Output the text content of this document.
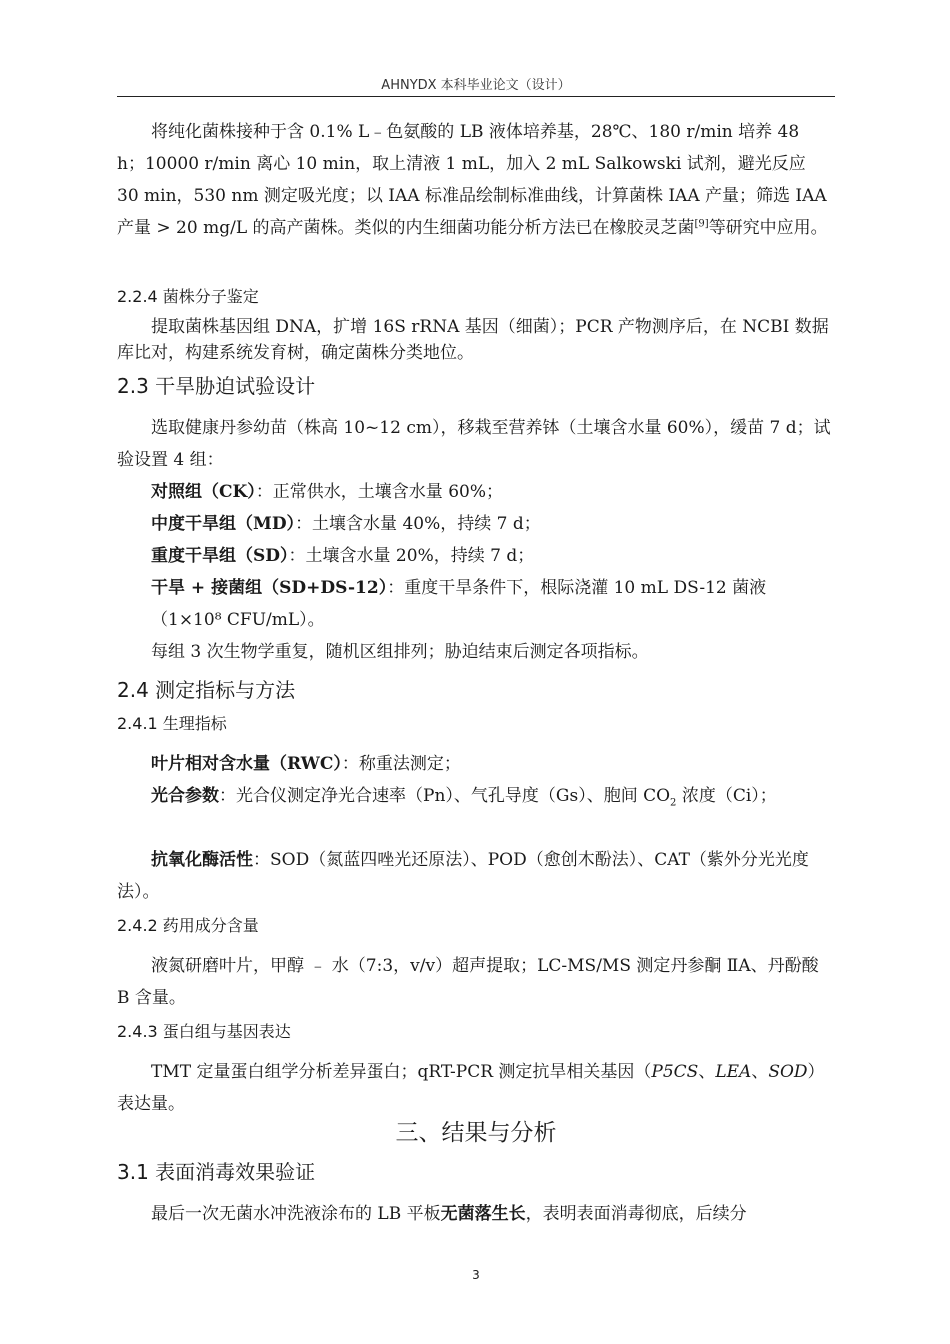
AHNYDX 本科毕业论文（设计）

将纯化菌株接种于含 0.1% L﹣色氨酸的 LB 液体培养基，28℃、180 r/min 培养 48 h；10000 r/min 离心 10 min，取上清液 1 mL，加入 2 mL Salkowski 试剂，避光反应 30 min，530 nm 测定吸光度；以 IAA 标准品绘制标准曲线，计算菌株 IAA 产量；筛选 IAA 产量 > 20 mg/L 的高产菌株。类似的内生细菌功能分析方法已在橡胶灵芝菌[9]等研究中应用。

2.2.4 菌株分子鉴定

提取菌株基因组 DNA，扩增 16S rRNA 基因（细菌）；PCR 产物测序后，在 NCBI 数据库比对，构建系统发育树，确定菌株分类地位。

2.3 干旱胁迫试验设计

选取健康丹参幼苗（株高 10~12 cm），移栽至营养钵（土壤含水量 60%），缓苗 7 d；试验设置 4 组：

对照组（CK）：正常供水，土壤含水量 60%；

中度干旱组（MD）：土壤含水量 40%，持续 7 d；

重度干旱组（SD）：土壤含水量 20%，持续 7 d；

干旱 + 接菌组（SD+DS-12）：重度干旱条件下，根际浇灌 10 mL DS-12 菌液（1×10⁸ CFU/mL）。

每组 3 次生物学重复，随机区组排列；胁迫结束后测定各项指标。

2.4 测定指标与方法
2.4.1 生理指标

叶片相对含水量（RWC）：称重法测定；

光合参数：光合仪测定净光合速率（Pn）、气孔导度（Gs）、胞间 $CO_2$ 浓度（Ci）；

抗氧化酶活性：SOD（氮蓝四唑光还原法）、POD（愈创木酚法）、CAT（紫外分光光度法）。

2.4.2 药用成分含量

液氮研磨叶片，甲醇 ﹣ 水（7:3，v/v）超声提取；LC-MS/MS 测定丹参酮 ⅡA、丹酚酸 B 含量。

2.4.3 蛋白组与基因表达

TMT 定量蛋白组学分析差异蛋白；qRT-PCR 测定抗旱相关基因（P5CS、LEA、SOD）表达量。

三、结果与分析
3.1 表面消毒效果验证

最后一次无菌水冲洗液涂布的 LB 平板无菌落生长，表明表面消毒彻底，后续分

3
